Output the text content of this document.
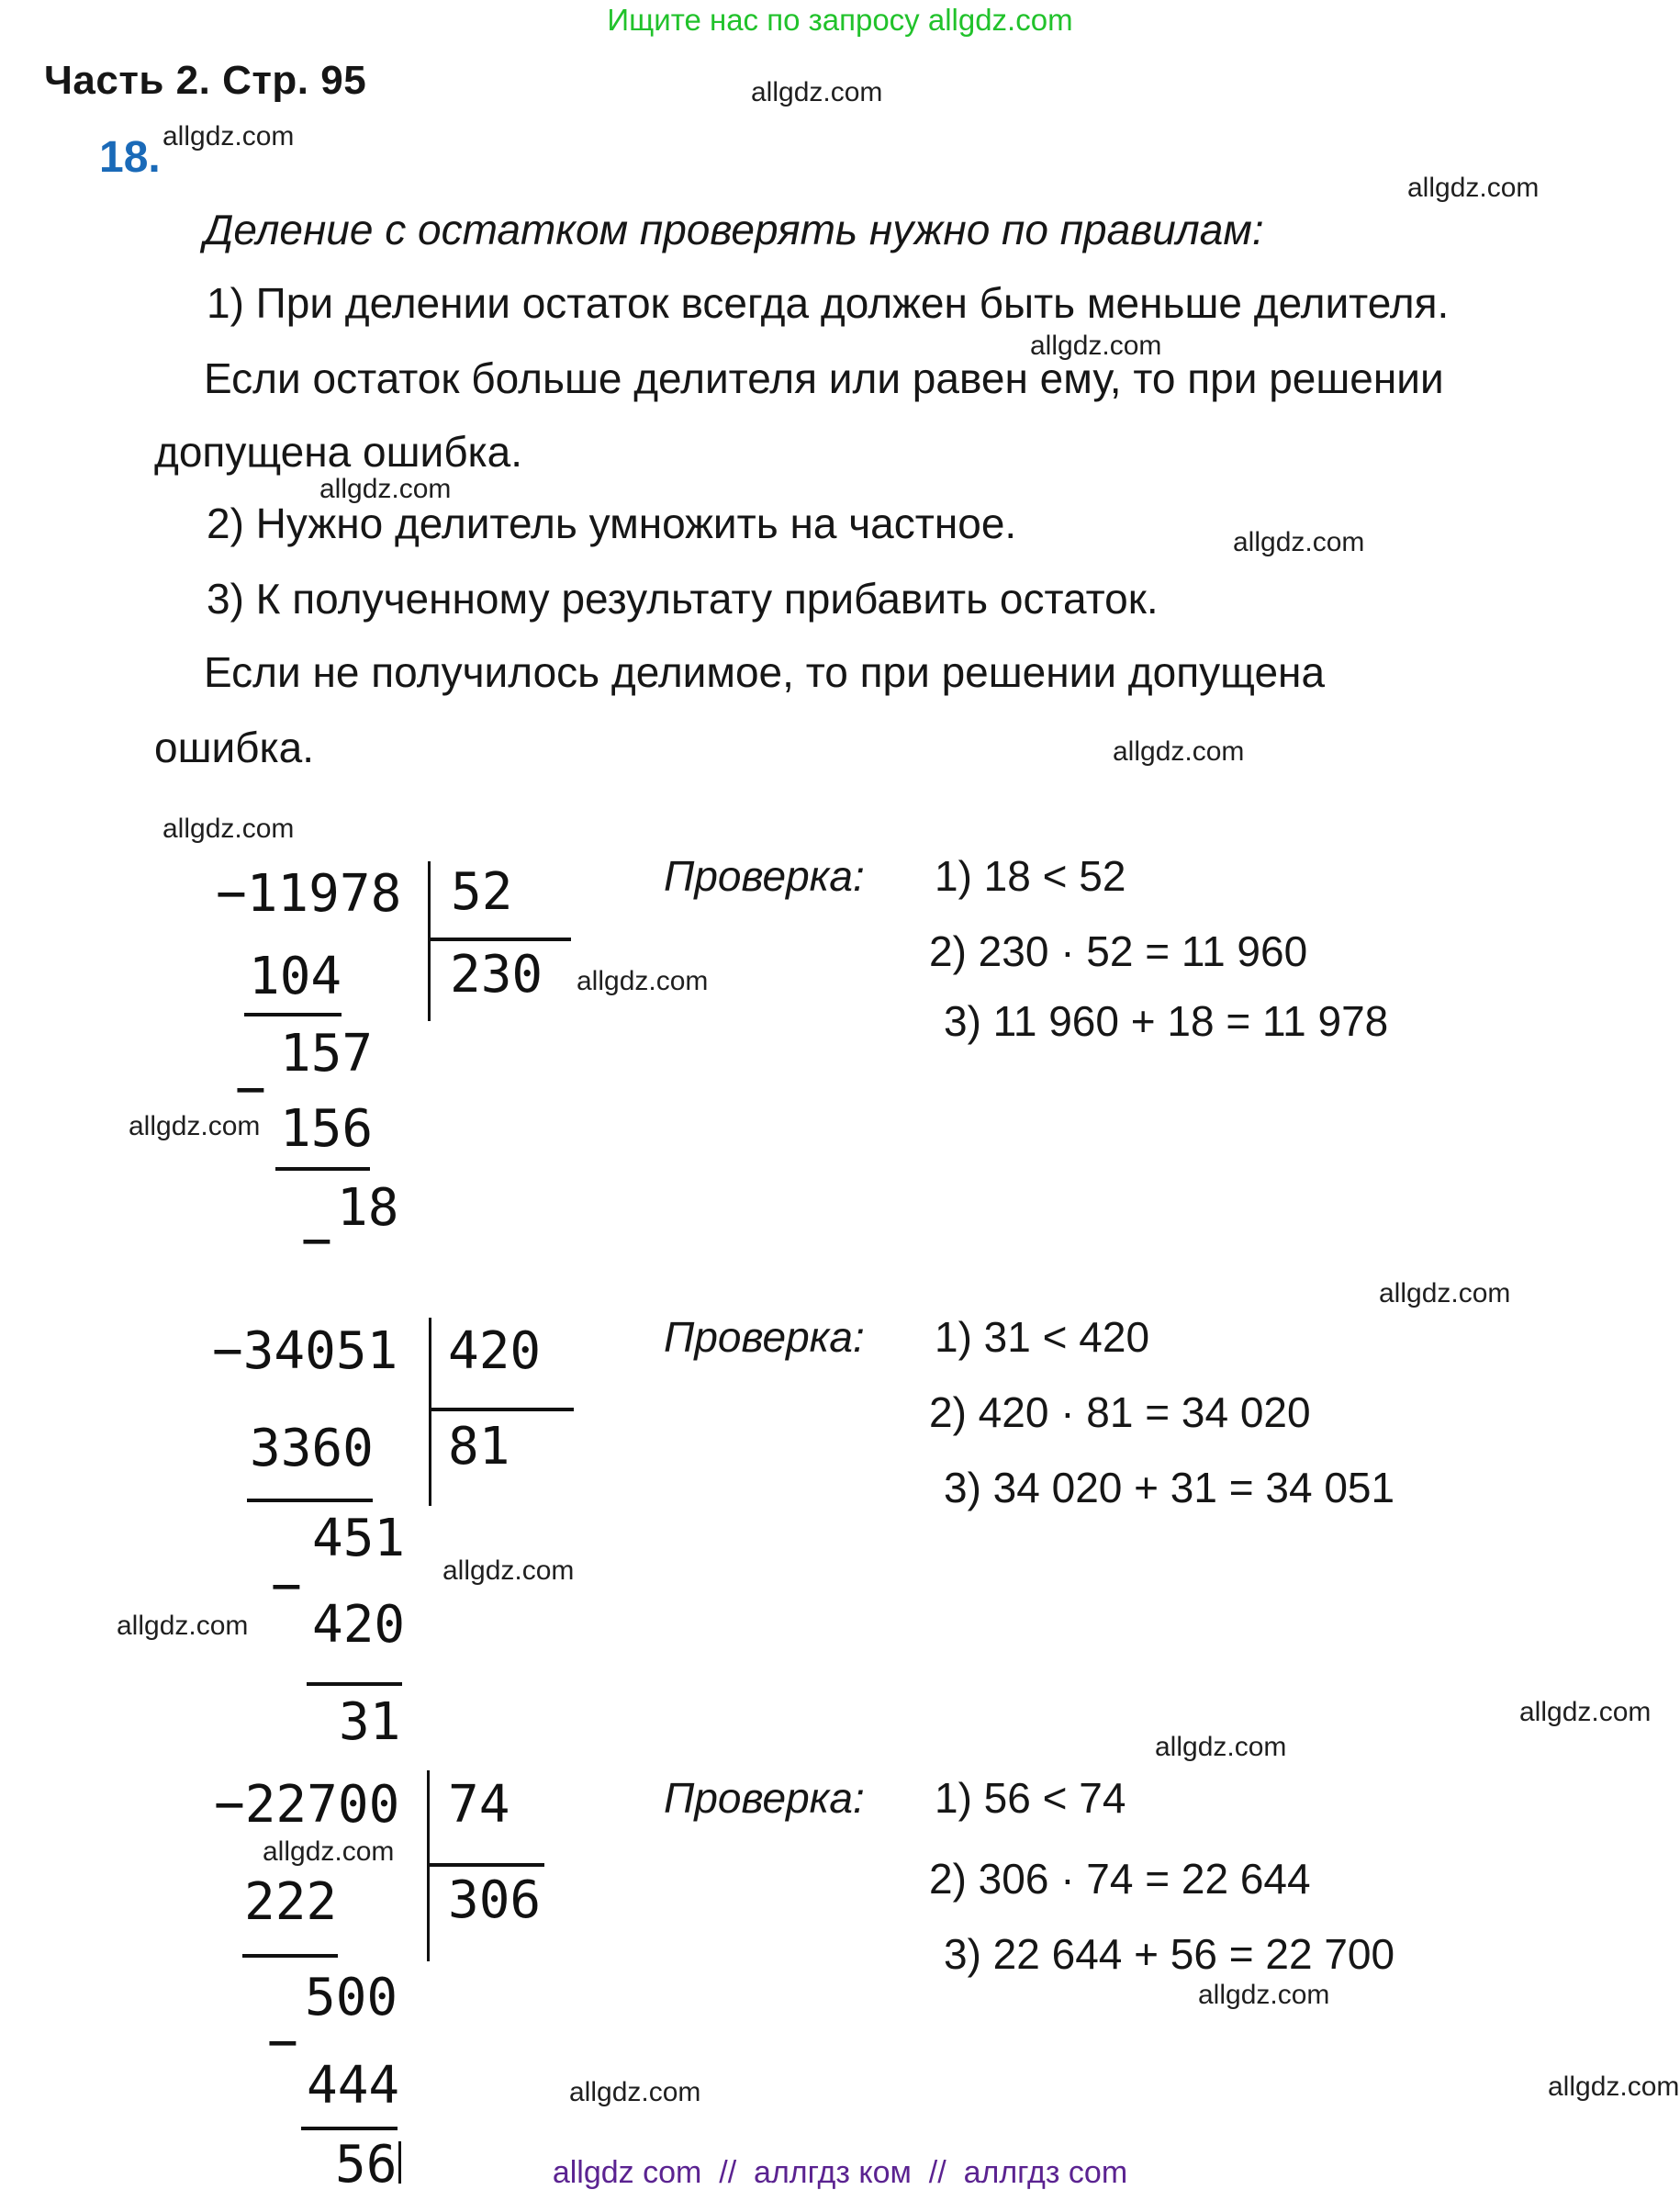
Ищите нас по запросу allgdz.com
Часть 2. Стр. 95
18.
allgdz.com
allgdz.com
allgdz.com
allgdz.com
allgdz.com
allgdz.com
allgdz.com
allgdz.com
allgdz.com
allgdz.com
allgdz.com
allgdz.com
allgdz.com
allgdz.com
allgdz.com
allgdz.com
allgdz.com
allgdz.com	allgdz.com
Деление с остатком проверять нужно по правилам:
1) При делении остаток всегда должен быть меньше делителя.
Если остаток больше делителя или равен ему, то при решении
допущена ошибка.
2) Нужно делитель умножить на частное.
3) К полученному результату прибавить остаток.
Если не получилось делимое, то при решении допущена
ошибка.
−11978 52
104 230
157
−
156
18
−
Проверка: 1) 18 < 52
2) 230 · 52 = 11 960
3) 11 960 + 18 = 11 978
−34051 420
3360 81
451
−
420
31
Проверка: 1) 31 < 420
2) 420 · 81 = 34 020
3) 34 020 + 31 = 34 051
−22700 74
222 306
500
−
444
56
Проверка: 1) 56 < 74
2) 306 · 74 = 22 644
3) 22 644 + 56 = 22 700
allgdz com  //  аллгдз ком  //  аллгдз com
